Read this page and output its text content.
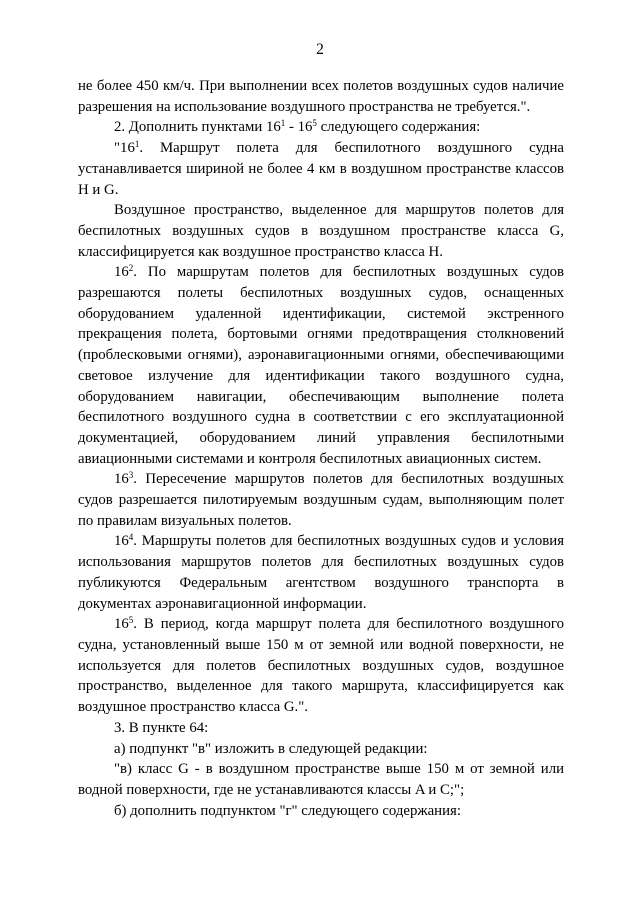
2

не более 450 км/ч. При выполнении всех полетов воздушных судов наличие разрешения на использование воздушного пространства не требуется.".

2. Дополнить пунктами $16^1 - 16^5$ следующего содержания:

"$16^1$. Маршрут полета для беспилотного воздушного судна устанавливается шириной не более 4 км в воздушном пространстве классов H и G.

Воздушное пространство, выделенное для маршрутов полетов для беспилотных воздушных судов в воздушном пространстве класса G, классифицируется как воздушное пространство класса H.

$16^2$. По маршрутам полетов для беспилотных воздушных судов разрешаются полеты беспилотных воздушных судов, оснащенных оборудованием удаленной идентификации, системой экстренного прекращения полета, бортовыми огнями предотвращения столкновений (проблесковыми огнями), аэронавигационными огнями, обеспечивающими световое излучение для идентификации такого воздушного судна, оборудованием навигации, обеспечивающим выполнение полета беспилотного воздушного судна в соответствии с его эксплуатационной документацией, оборудованием линий управления беспилотными авиационными системами и контроля беспилотных авиационных систем.

$16^3$. Пересечение маршрутов полетов для беспилотных воздушных судов разрешается пилотируемым воздушным судам, выполняющим полет по правилам визуальных полетов.

$16^4$. Маршруты полетов для беспилотных воздушных судов и условия использования маршрутов полетов для беспилотных воздушных судов публикуются Федеральным агентством воздушного транспорта в документах аэронавигационной информации.

$16^5$. В период, когда маршрут полета для беспилотного воздушного судна, установленный выше 150 м от земной или водной поверхности, не используется для полетов беспилотных воздушных судов, воздушное пространство, выделенное для такого маршрута, классифицируется как воздушное пространство класса G.".

3. В пункте 64:

а) подпункт "в" изложить в следующей редакции:

"в) класс G - в воздушном пространстве выше 150 м от земной или водной поверхности, где не устанавливаются классы A и C;";

б) дополнить подпунктом "г" следующего содержания:
